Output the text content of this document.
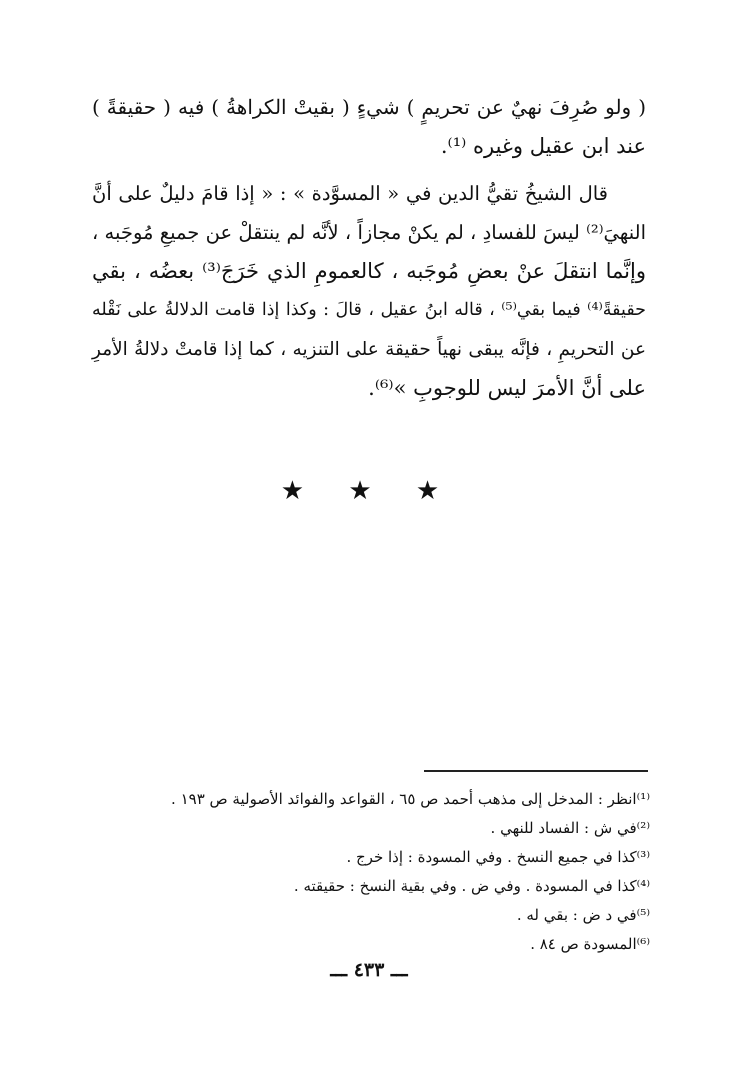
( ولو صُرِفَ نهيٌ عن تحريمٍ ) شيءٍ ( بقيتْ الكراهةُ ) فيه ( حقيقةً )
عند ابن عقيل وغيره ⁽¹⁾.
قال الشيخُ تقيُّ الدين في « المسوَّدة » : « إذا قامَ دليلٌ على أنَّ
النهيَ⁽²⁾ ليسَ للفسادِ ، لم يكنْ مجازاً ، لأنَّه لم ينتقلْ عن جميعِ مُوجَبه ،
وإنَّما انتقلَ عنْ بعضِ مُوجَبه ، كالعمومِ الذي خَرَجَ⁽³⁾ بعضُه ، بقي
حقيقةً⁽⁴⁾ فيما بقي⁽⁵⁾ ، قاله ابنُ عقيل ، قالَ : وكذا إذا قامت الدلالةُ على نَقْله
عن التحريمِ ، فإنَّه يبقى نهياً حقيقة على التنزيه ، كما إذا قامتْ دلالةُ الأمرِ
على أنَّ الأمرَ ليس للوجوبِ »⁽⁶⁾.
★ ★ ★
⁽¹⁾انظر : المدخل إلى مذهب أحمد ص ٦٥ ، القواعد والفوائد الأصولية ص ١٩٣ .
⁽²⁾في ش : الفساد للنهي .
⁽³⁾كذا في جميع النسخ . وفي المسودة : إذا خرج .
⁽⁴⁾كذا في المسودة . وفي ض . وفي بقية النسخ : حقيقته .
⁽⁵⁾في د ض : بقي له .
⁽⁶⁾المسودة ص ٨٤ .
ـــ ٤٣٣ ـــ
